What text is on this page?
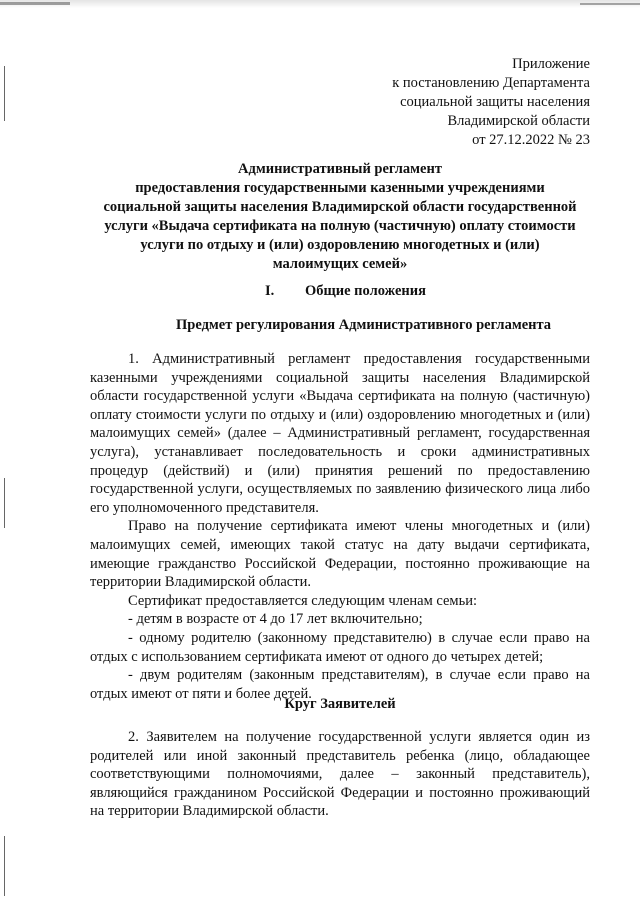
Приложение
к постановлению Департамента
социальной защиты населения
Владимирской области
от 27.12.2022 № 23
Административный регламент
предоставления государственными казенными учреждениями
социальной защиты населения Владимирской области государственной
услуги «Выдача сертификата на полную (частичную) оплату стоимости
услуги по отдыху и (или) оздоровлению многодетных и (или)
малоимущих семей»
I. Общие положения
Предмет регулирования Административного регламента

1. Административный регламент предоставления государственными казенными учреждениями социальной защиты населения Владимирской области государственной услуги «Выдача сертификата на полную (частичную) оплату стоимости услуги по отдыху и (или) оздоровлению многодетных и (или) малоимущих семей» (далее – Административный регламент, государственная услуга), устанавливает последовательность и сроки административных процедур (действий) и (или) принятия решений по предоставлению государственной услуги, осуществляемых по заявлению физического лица либо его уполномоченного представителя.

Право на получение сертификата имеют члены многодетных и (или) малоимущих семей, имеющих такой статус на дату выдачи сертификата, имеющие гражданство Российской Федерации, постоянно проживающие на территории Владимирской области.

Сертификат предоставляется следующим членам семьи:

- детям в возрасте от 4 до 17 лет включительно;

- одному родителю (законному представителю) в случае если право на отдых с использованием сертификата имеют от одного до четырех детей;

- двум родителям (законным представителям), в случае если право на отдых имеют от пяти и более детей.

Круг Заявителей

2. Заявителем на получение государственной услуги является один из родителей или иной законный представитель ребенка (лицо, обладающее соответствующими полномочиями, далее – законный представитель), являющийся гражданином Российской Федерации и постоянно проживающий на территории Владимирской области.
